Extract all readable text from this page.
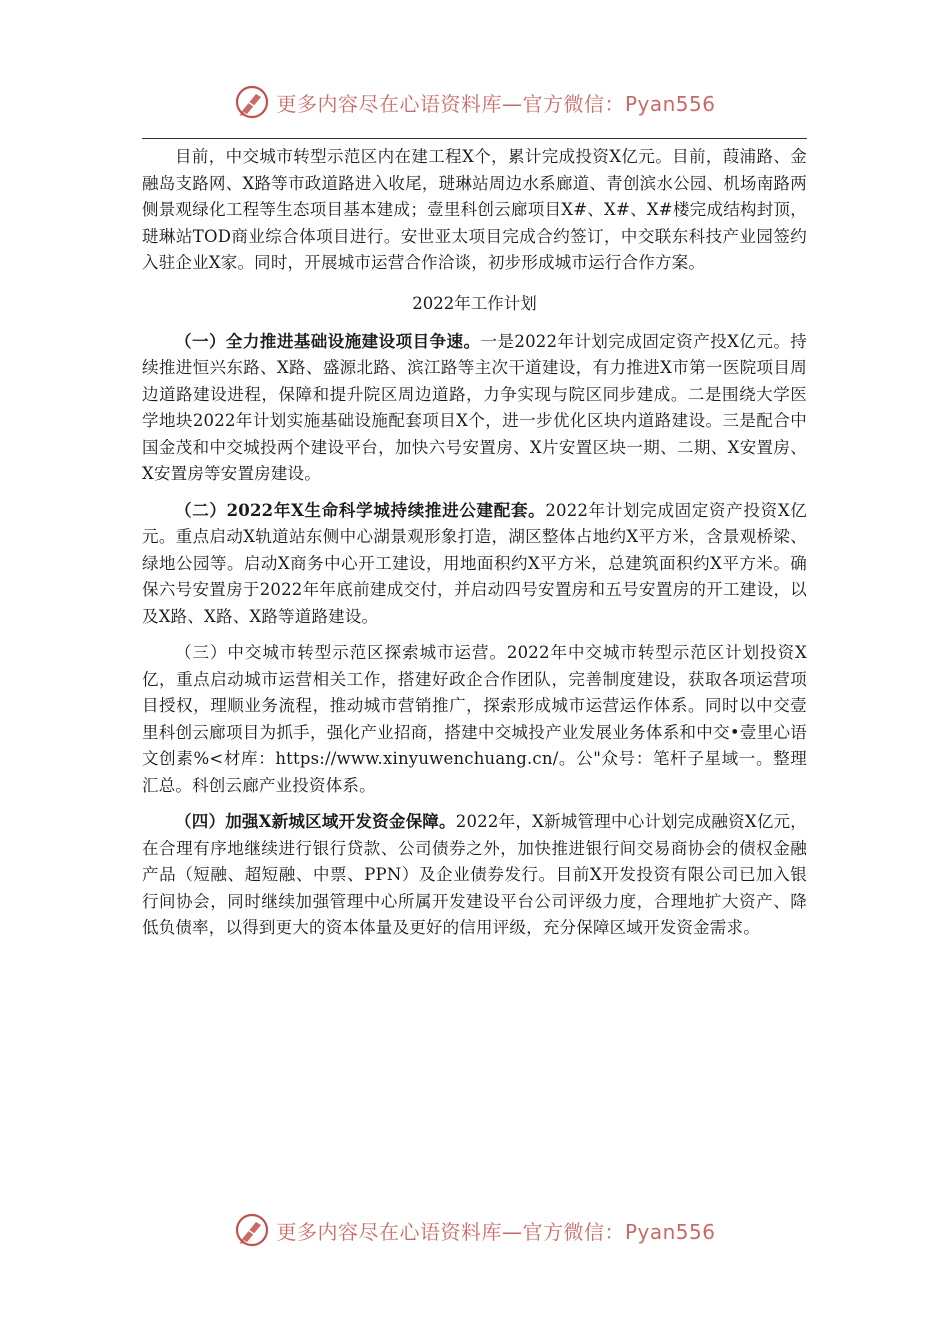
更多内容尽在心语资料库—官方微信：Pyan556

目前，中交城市转型示范区内在建工程X个，累计完成投资X亿元。目前，葭浦路、金融岛支路网、X路等市政道路进入收尾，琎琳站周边水系廊道、青创滨水公园、机场南路两侧景观绿化工程等生态项目基本建成；壹里科创云廊项目X#、X#、X#楼完成结构封顶，琎琳站TOD商业综合体项目进行。安世亚太项目完成合约签订，中交联东科技产业园签约入驻企业X家。同时，开展城市运营合作洽谈，初步形成城市运行合作方案。

2022年工作计划

（一）全力推进基础设施建设项目争速。一是2022年计划完成固定资产投X亿元。持续推进恒兴东路、X路、盛源北路、滨江路等主次干道建设，有力推进X市第一医院项目周边道路建设进程，保障和提升院区周边道路，力争实现与院区同步建成。二是围绕大学医学地块2022年计划实施基础设施配套项目X个，进一步优化区块内道路建设。三是配合中国金茂和中交城投两个建设平台，加快六号安置房、X片安置区块一期、二期、X安置房、X安置房等安置房建设。

（二）2022年X生命科学城持续推进公建配套。2022年计划完成固定资产投资X亿元。重点启动X轨道站东侧中心湖景观形象打造，湖区整体占地约X平方米，含景观桥梁、绿地公园等。启动X商务中心开工建设，用地面积约X平方米，总建筑面积约X平方米。确保六号安置房于2022年年底前建成交付，并启动四号安置房和五号安置房的开工建设，以及X路、X路、X路等道路建设。

（三）中交城市转型示范区探索城市运营。2022年中交城市转型示范区计划投资X亿，重点启动城市运营相关工作，搭建好政企合作团队，完善制度建设，获取各项运营项目授权，理顺业务流程，推动城市营销推广，探索形成城市运营运作体系。同时以中交壹里科创云廊项目为抓手，强化产业招商，搭建中交城投产业发展业务体系和中交•壹里心语文创素%<材库：https://www.xinyuwenchuang.cn/。公"众号：笔杆子星域一。整理汇总。科创云廊产业投资体系。

（四）加强X新城区域开发资金保障。2022年，X新城管理中心计划完成融资X亿元，在合理有序地继续进行银行贷款、公司债券之外，加快推进银行间交易商协会的债权金融产品（短融、超短融、中票、PPN）及企业债券发行。目前X开发投资有限公司已加入银行间协会，同时继续加强管理中心所属开发建设平台公司评级力度，合理地扩大资产、降低负债率，以得到更大的资本体量及更好的信用评级，充分保障区域开发资金需求。

更多内容尽在心语资料库—官方微信：Pyan556
